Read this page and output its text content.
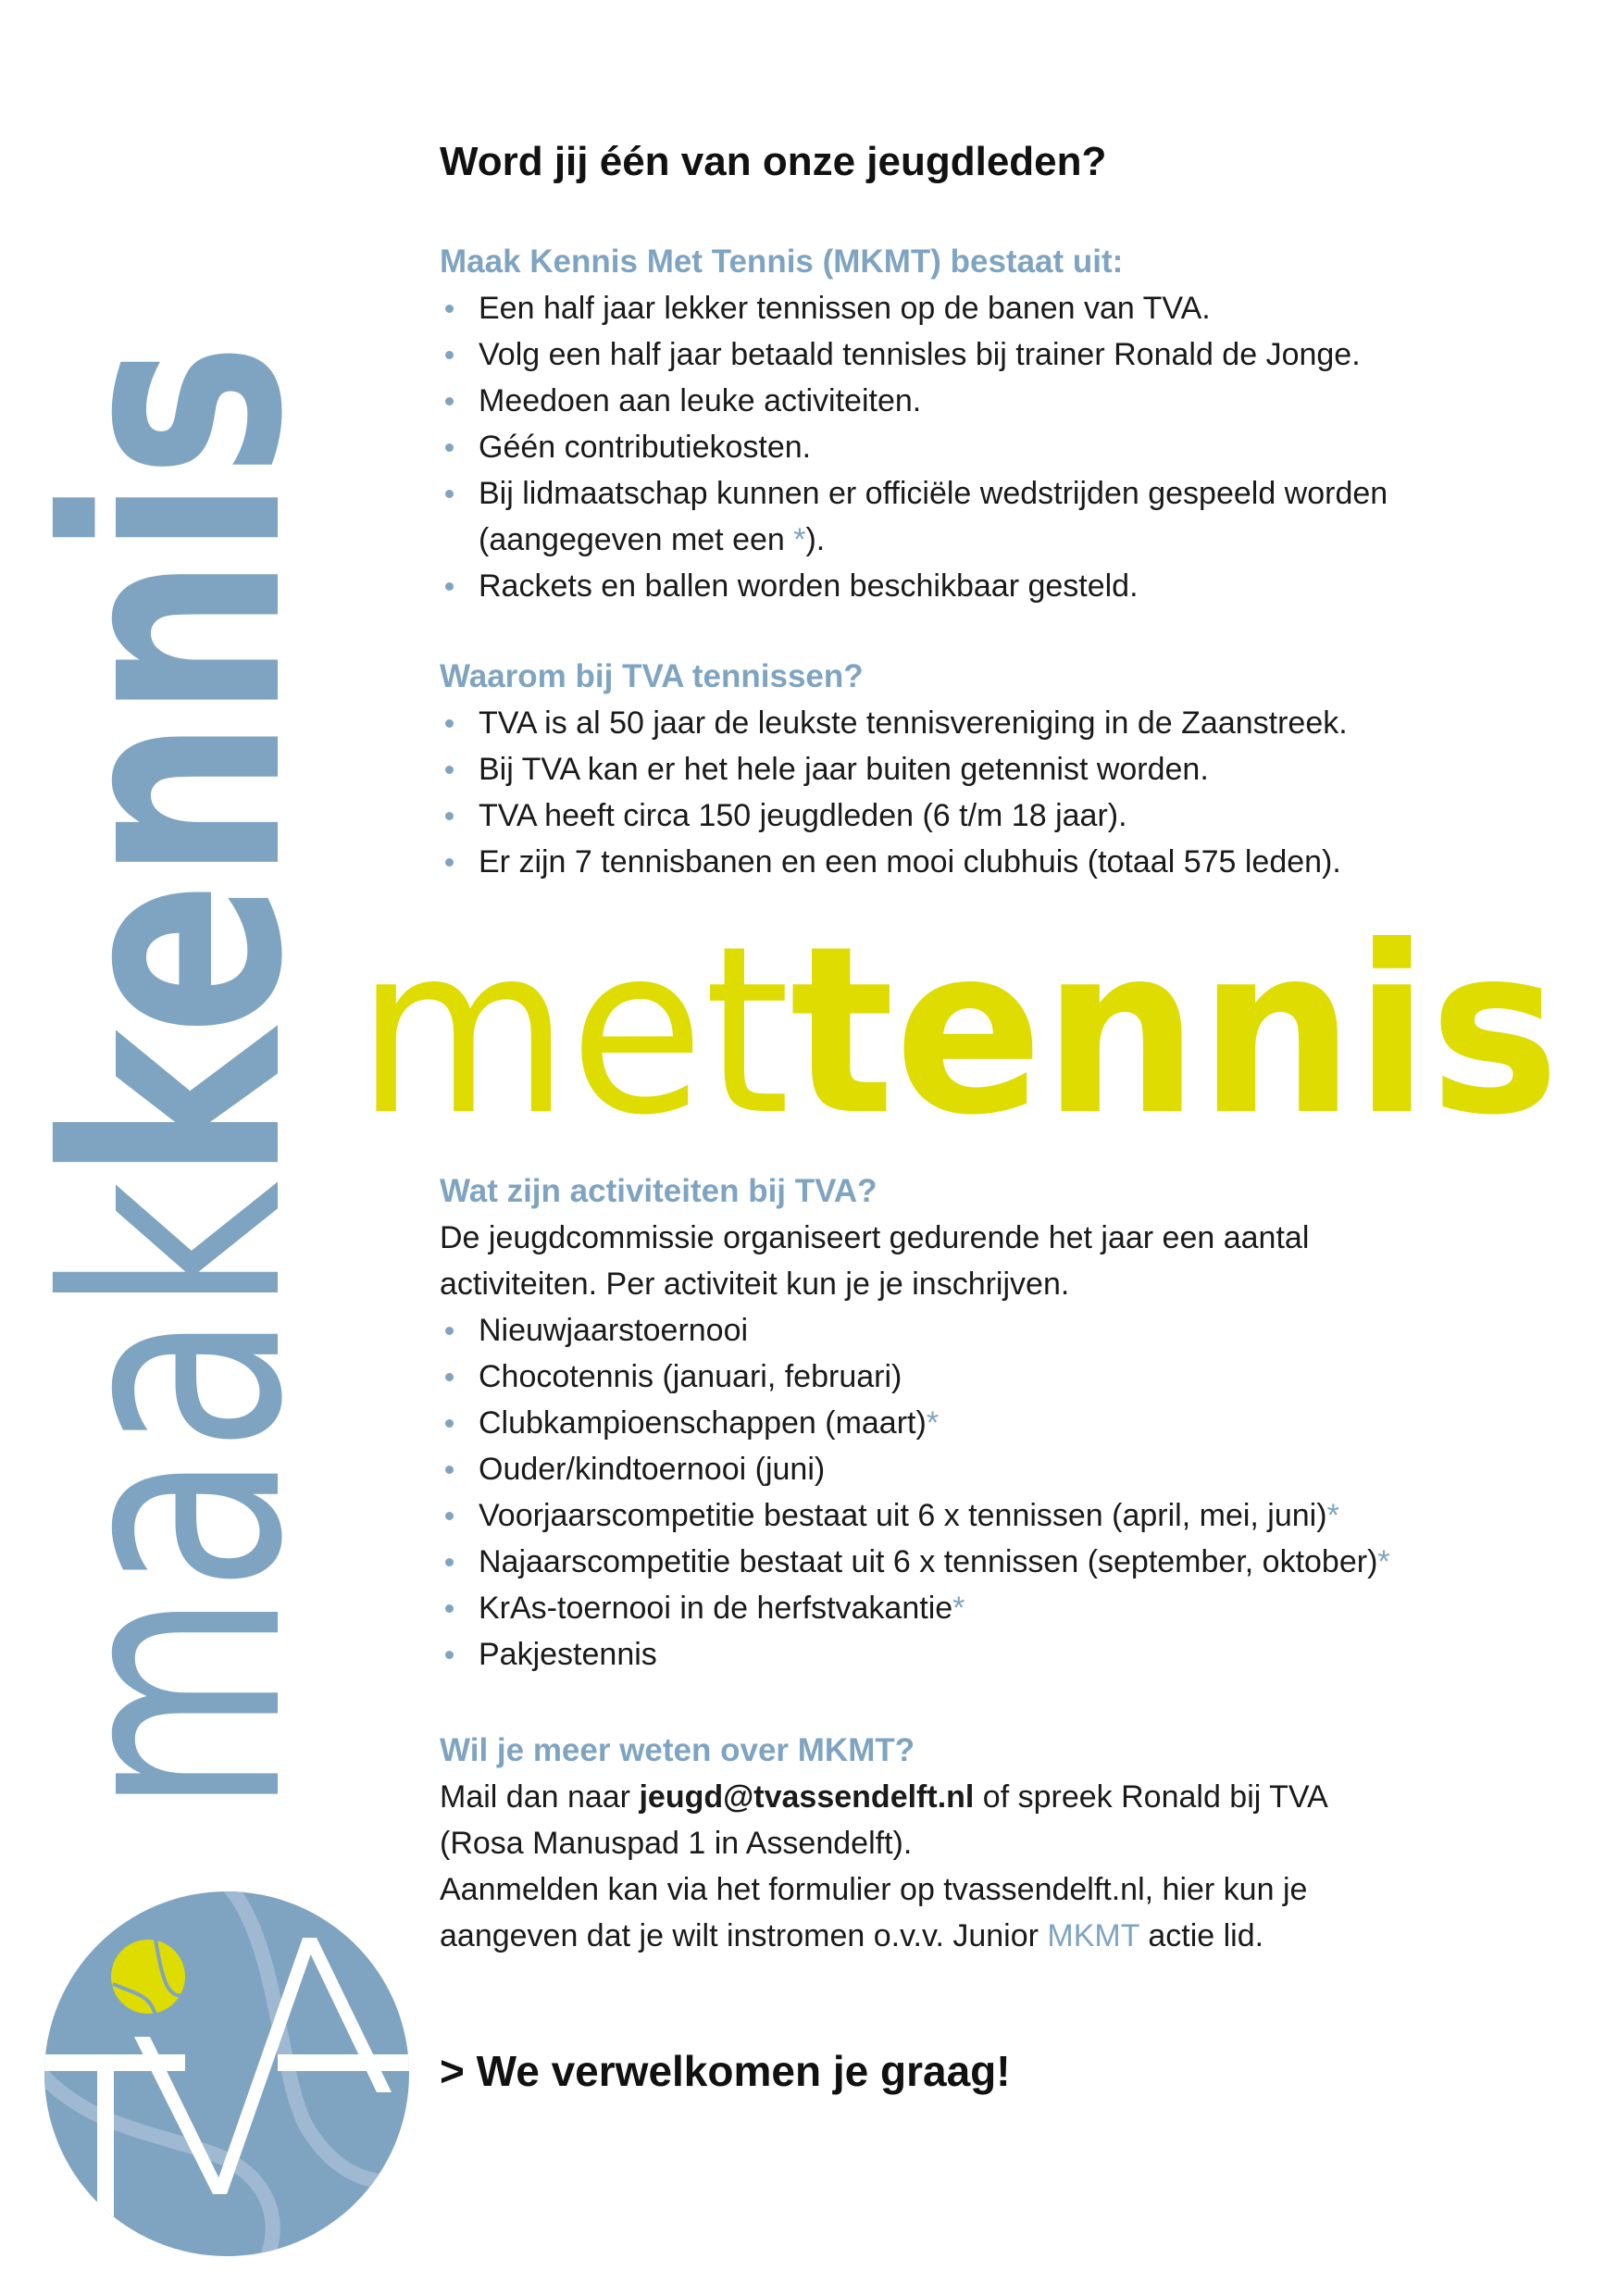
Word jij één van onze jeugdleden?
Maak Kennis Met Tennis (MKMT) bestaat uit:
Een half jaar lekker tennissen op de banen van TVA.
Volg een half jaar betaald tennisles bij trainer Ronald de Jonge.
Meedoen aan leuke activiteiten.
Géén contributiekosten.
Bij lidmaatschap kunnen er officiële wedstrijden gespeeld worden (aangegeven met een *).
Rackets en ballen worden beschikbaar gesteld.
Waarom bij TVA tennissen?
TVA is al 50 jaar de leukste tennisvereniging in de Zaanstreek.
Bij TVA kan er het hele jaar buiten getennist worden.
TVA heeft circa 150 jeugdleden (6 t/m 18 jaar).
Er zijn 7 tennisbanen en een mooi clubhuis (totaal 575 leden).
maakkennis mettennis
Wat zijn activiteiten bij TVA?
De jeugdcommissie organiseert gedurende het jaar een aantal activiteiten. Per activiteit kun je je inschrijven.
Nieuwjaarstoernooi
Chocotennis (januari, februari)
Clubkampioenschappen (maart)*
Ouder/kindtoernooi (juni)
Voorjaarscompetitie bestaat uit 6 x tennissen (april, mei, juni)*
Najaarscompetitie bestaat uit 6 x tennissen (september, oktober)*
KrAs-toernooi in de herfstvakantie*
Pakjestennis
Wil je meer weten over MKMT?
Mail dan naar jeugd@tvassendelft.nl of spreek Ronald bij TVA (Rosa Manuspad 1 in Assendelft).
Aanmelden kan via het formulier op tvassendelft.nl, hier kun je aangeven dat je wilt instromen o.v.v. Junior MKMT actie lid.
> We verwelkomen je graag!
